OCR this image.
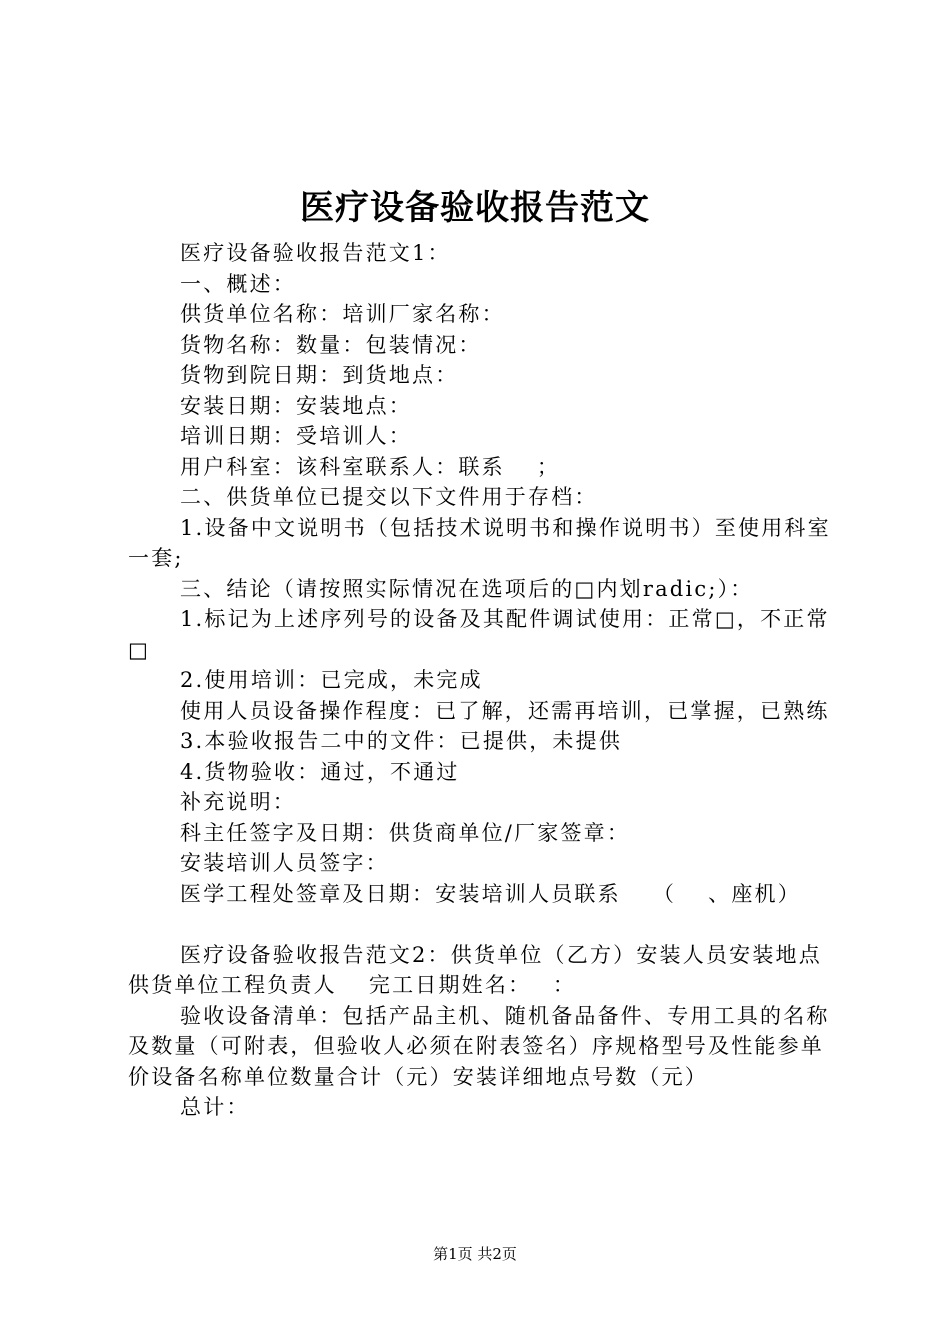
医疗设备验收报告范文

医疗设备验收报告范文1：

一、概述：

供货单位名称：培训厂家名称：

货物名称：数量：包装情况：

货物到院日期：到货地点：

安装日期：安装地点：

培训日期：受培训人：

用户科室：该科室联系人：联系　 ；

二、供货单位已提交以下文件用于存档：

1.设备中文说明书（包括技术说明书和操作说明书）至使用科室一套;

三、结论（请按照实际情况在选项后的□内划radic;）：

1.标记为上述序列号的设备及其配件调试使用：正常□，不正常□

2.使用培训：已完成，未完成

使用人员设备操作程度：已了解，还需再培训，已掌握，已熟练

3.本验收报告二中的文件：已提供，未提供

4.货物验收：通过，不通过

补充说明：

科主任签字及日期：供货商单位/厂家签章：

安装培训人员签字：

医学工程处签章及日期：安装培训人员联系　 （　 、座机）

医疗设备验收报告范文2：供货单位（乙方）安装人员安装地点供货单位工程负责人　 完工日期姓名：　 ：

验收设备清单：包括产品主机、随机备品备件、专用工具的名称及数量（可附表，但验收人必须在附表签名）序规格型号及性能参单价设备名称单位数量合计（元）安装详细地点号数（元）

总计：

第1页 共2页
